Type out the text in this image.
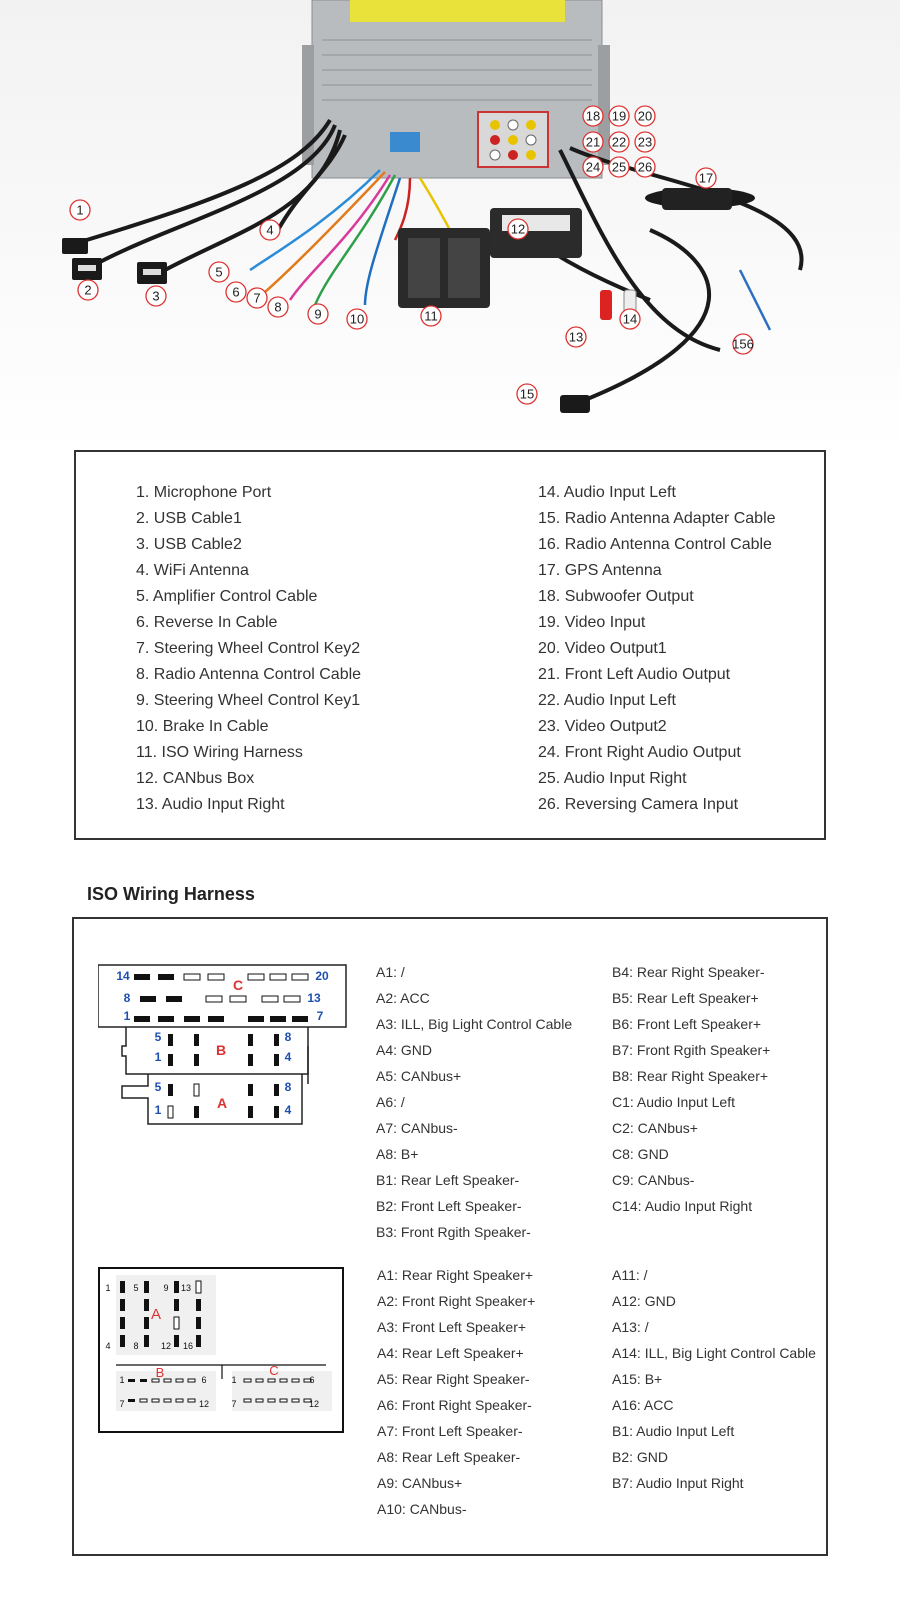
1
2	3
4
5
6 7
8	9 10	11
12
13
14
15
156
17
18 19 20
21 22 23
24 25 26
1. Microphone Port
2. USB Cable1
3. USB Cable2
4. WiFi Antenna
5. Amplifier Control Cable
6. Reverse In Cable
7. Steering Wheel Control Key2
8. Radio Antenna Control Cable
9. Steering Wheel Control Key1
10. Brake In Cable
11. ISO Wiring Harness
12. CANbus Box
13. Audio Input Right
14. Audio Input Left
15. Radio Antenna Adapter Cable
16. Radio Antenna Control Cable
17. GPS Antenna
18. Subwoofer Output
19. Video Input
20. Video Output1
21. Front Left Audio Output
22. Audio Input Left
23. Video Output2
24. Front Right Audio Output
25. Audio Input Right
26. Reversing Camera Input
ISO Wiring Harness
14	20
C
8	13
1	7
5	8
B
1	4
5	8
A
1	4
A1: /
A2: ACC
A3: ILL, Big Light Control Cable
A4: GND
A5: CANbus+
A6: /
A7: CANbus-
A8: B+
B1: Rear Left Speaker-
B2: Front Left Speaker-
B3: Front Rgith Speaker-
B4: Rear Right Speaker-
B5: Rear Left Speaker+
B6: Front Left Speaker+
B7: Front Rgith Speaker+
B8: Rear Right Speaker+
C1: Audio Input Left
C2: CANbus+
C8: GND
C9: CANbus-
C14: Audio Input Right
1	5	9 13
A
4	8 12 16
B
1	6
7	12
C
1	6
7	12
A1: Rear Right Speaker+
A2: Front Right Speaker+
A3: Front Left Speaker+
A4: Rear Left Speaker+
A5: Rear Right Speaker-
A6: Front Right Speaker-
A7: Front Left Speaker-
A8: Rear Left Speaker-
A9: CANbus+
A10: CANbus-
A11: /
A12: GND
A13: /
A14: ILL, Big Light Control Cable
A15: B+
A16: ACC
B1: Audio Input Left
B2: GND
B7: Audio Input Right
